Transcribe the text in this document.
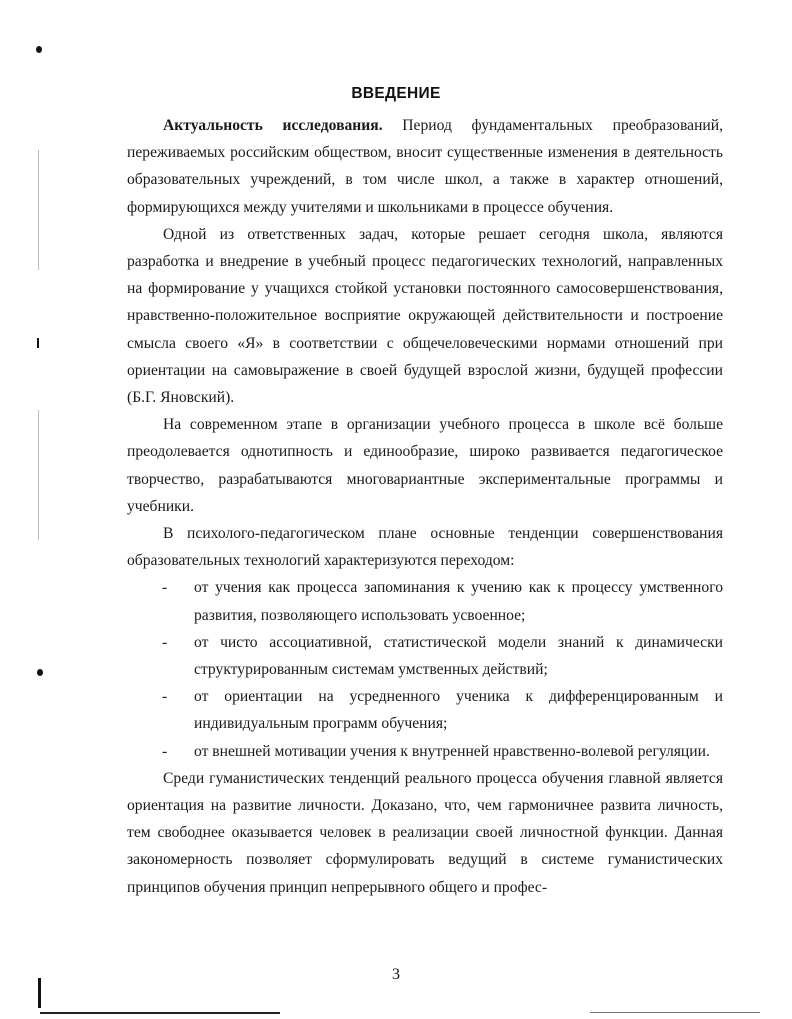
ВВЕДЕНИЕ

Актуальность исследования. Период фундаментальных преобразований, переживаемых российским обществом, вносит существенные изменения в деятельность образовательных учреждений, в том числе школ, а также в характер отношений, формирующихся между учителями и школьниками в процессе обучения.

Одной из ответственных задач, которые решает сегодня школа, являются разработка и внедрение в учебный процесс педагогических технологий, направленных на формирование у учащихся стойкой установки постоянного самосовершенствования, нравственно-положительное восприятие окружающей действительности и построение смысла своего «Я» в соответствии с общечеловеческими нормами отношений при ориентации на самовыражение в своей будущей взрослой жизни, будущей профессии (Б.Г. Яновский).

На современном этапе в организации учебного процесса в школе всё больше преодолевается однотипность и единообразие, широко развивается педагогическое творчество, разрабатываются многовариантные экспериментальные программы и учебники.

В психолого-педагогическом плане основные тенденции совершенствования образовательных технологий характеризуются переходом:

- от учения как процесса запоминания к учению как к процессу умственного развития, позволяющего использовать усвоенное;
- от чисто ассоциативной, статистической модели знаний к динамически структурированным системам умственных действий;
- от ориентации на усредненного ученика к дифференцированным и индивидуальным программ обучения;
- от внешней мотивации учения к внутренней нравственно-волевой регуляции.

Среди гуманистических тенденций реального процесса обучения главной является ориентация на развитие личности. Доказано, что, чем гармоничнее развита личность, тем свободнее оказывается человек в реализации своей личностной функции. Данная закономерность позволяет сформулировать ведущий в системе гуманистических принципов обучения принцип непрерывного общего и профес-

3
